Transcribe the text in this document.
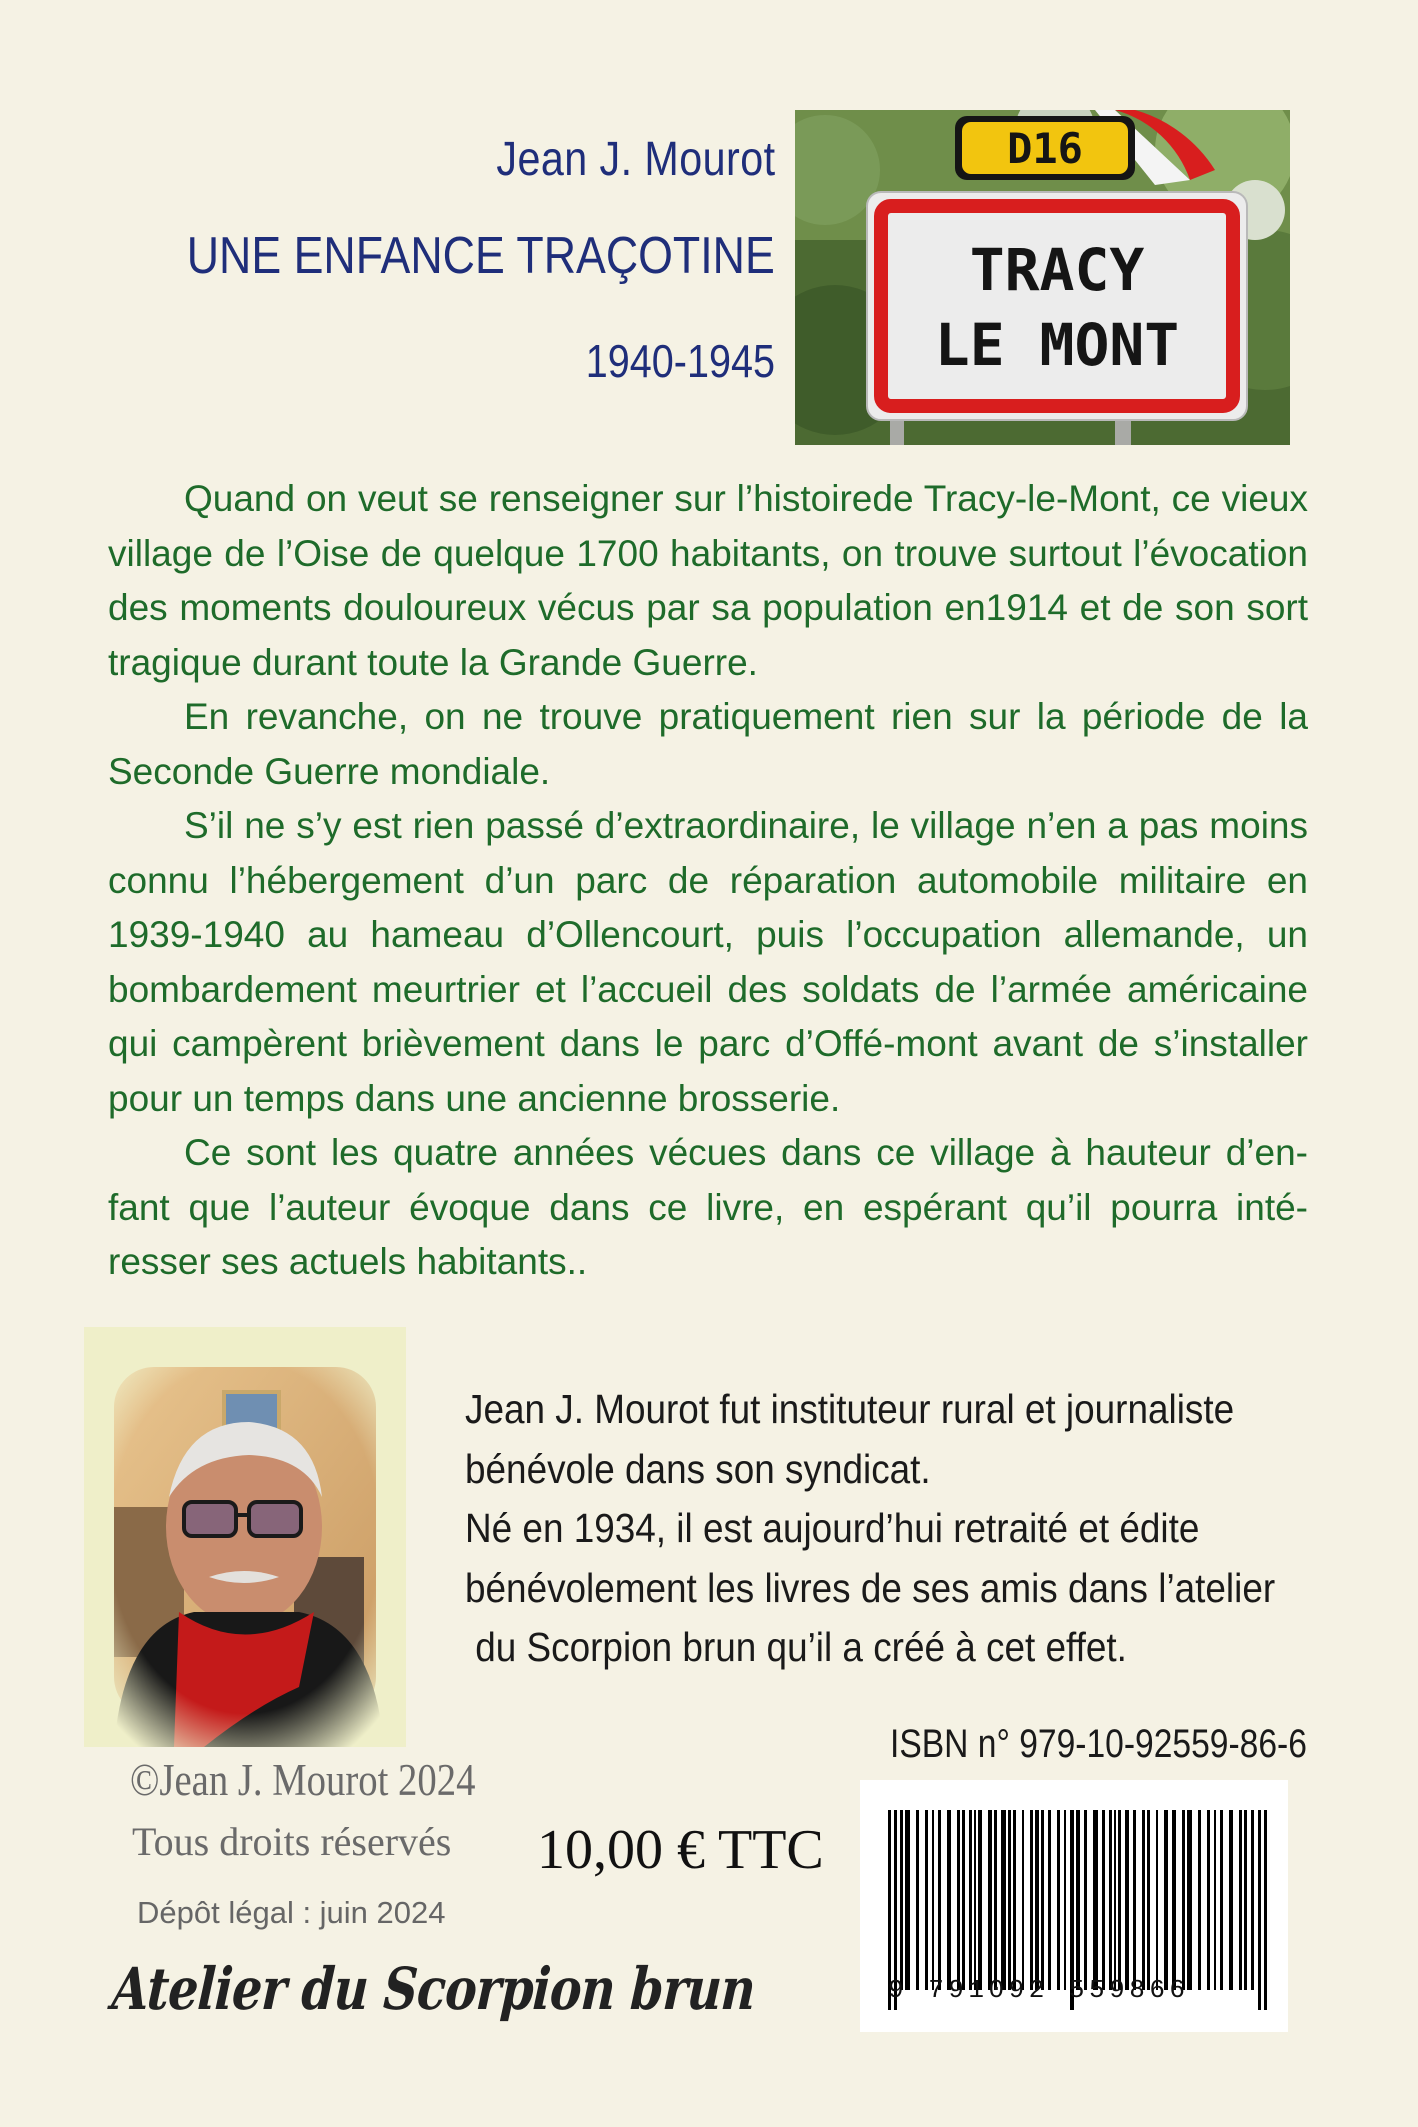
Jean J. Mourot
UNE ENFANCE TRAÇOTINE
1940-1945
D16
TRACY
LE MONT

Quand on veut se renseigner sur l’histoirede Tracy-le-Mont, ce vieux village de l’Oise de quelque 1700 habitants, on trouve surtout l’évocation des moments douloureux vécus par sa population en1914 et de son sort tragique durant toute la Grande Guerre.

En revanche, on ne trouve pratiquement rien sur la période de la Seconde Guerre mondiale.

S’il ne s’y est rien passé d’extraordinaire, le village n’en a pas moins connu l’hébergement d’un parc de réparation automobile militaire en 1939-1940 au hameau d’Ollencourt, puis l’occupation allemande, un bombardement meurtrier et l’accueil des soldats de l’armée américaine qui campèrent brièvement dans le parc d’Offé-mont avant de s’installer pour un temps dans une ancienne brosserie.

Ce sont les quatre années vécues dans ce village à hauteur d’en-fant que l’auteur évoque dans ce livre, en espérant qu’il pourra inté-resser ses actuels habitants..

Jean J. Mourot fut instituteur rural et journaliste
bénévole dans son syndicat.
Né en 1934, il est aujourd’hui retraité et édite
bénévolement les livres de ses amis dans l’atelier
du Scorpion brun qu’il a créé à cet effet.
©Jean J. Mourot 2024
Tous droits réservés
Dépôt légal : juin 2024
Atelier du Scorpion brun
10,00 € TTC
ISBN n° 979-10-92559-86-6
9 791092 559866
